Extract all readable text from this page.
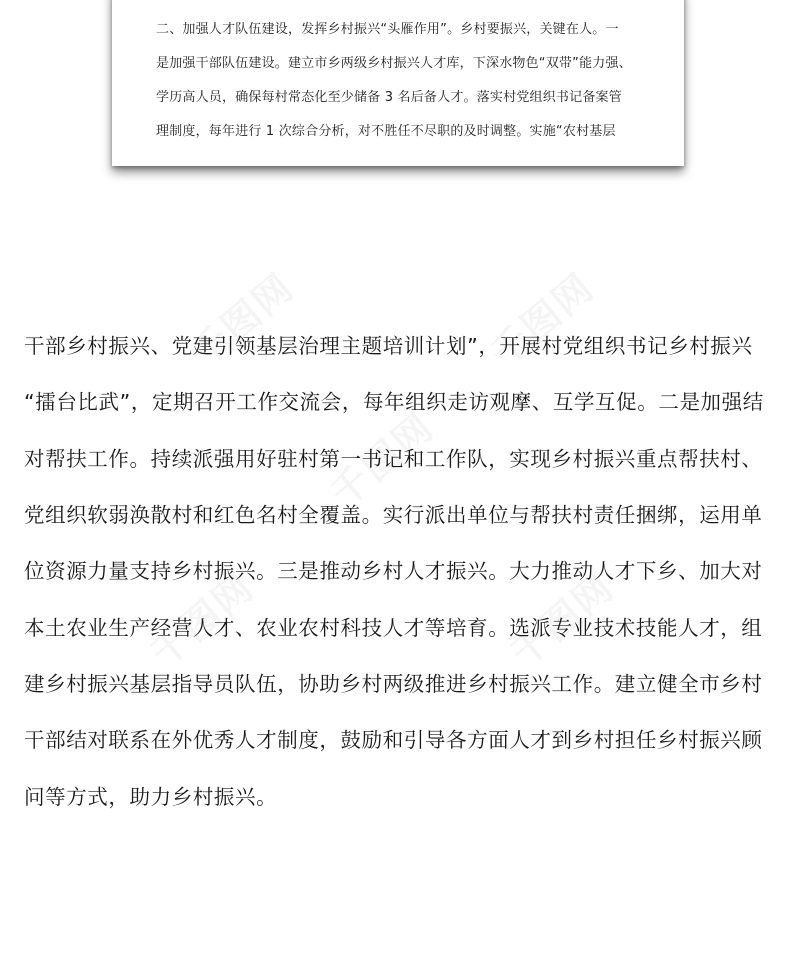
二、加强人才队伍建设，发挥乡村振兴“头雁作用”。乡村要振兴，关键在人。一
是加强干部队伍建设。建立市乡两级乡村振兴人才库，下深水物色“双带”能力强、
学历高人员，确保每村常态化至少储备 3 名后备人才。落实村党组织书记备案管
理制度，每年进行 1 次综合分析，对不胜任不尽职的及时调整。实施“农村基层
干部乡村振兴、党建引领基层治理主题培训计划”，开展村党组织书记乡村振兴
“擂台比武”，定期召开工作交流会，每年组织走访观摩、互学互促。二是加强结
对帮扶工作。持续派强用好驻村第一书记和工作队，实现乡村振兴重点帮扶村、
党组织软弱涣散村和红色名村全覆盖。实行派出单位与帮扶村责任捆绑，运用单
位资源力量支持乡村振兴。三是推动乡村人才振兴。大力推动人才下乡、加大对
本土农业生产经营人才、农业农村科技人才等培育。选派专业技术技能人才，组
建乡村振兴基层指导员队伍，协助乡村两级推进乡村振兴工作。建立健全市乡村
干部结对联系在外优秀人才制度，鼓励和引导各方面人才到乡村担任乡村振兴顾
问等方式，助力乡村振兴。
